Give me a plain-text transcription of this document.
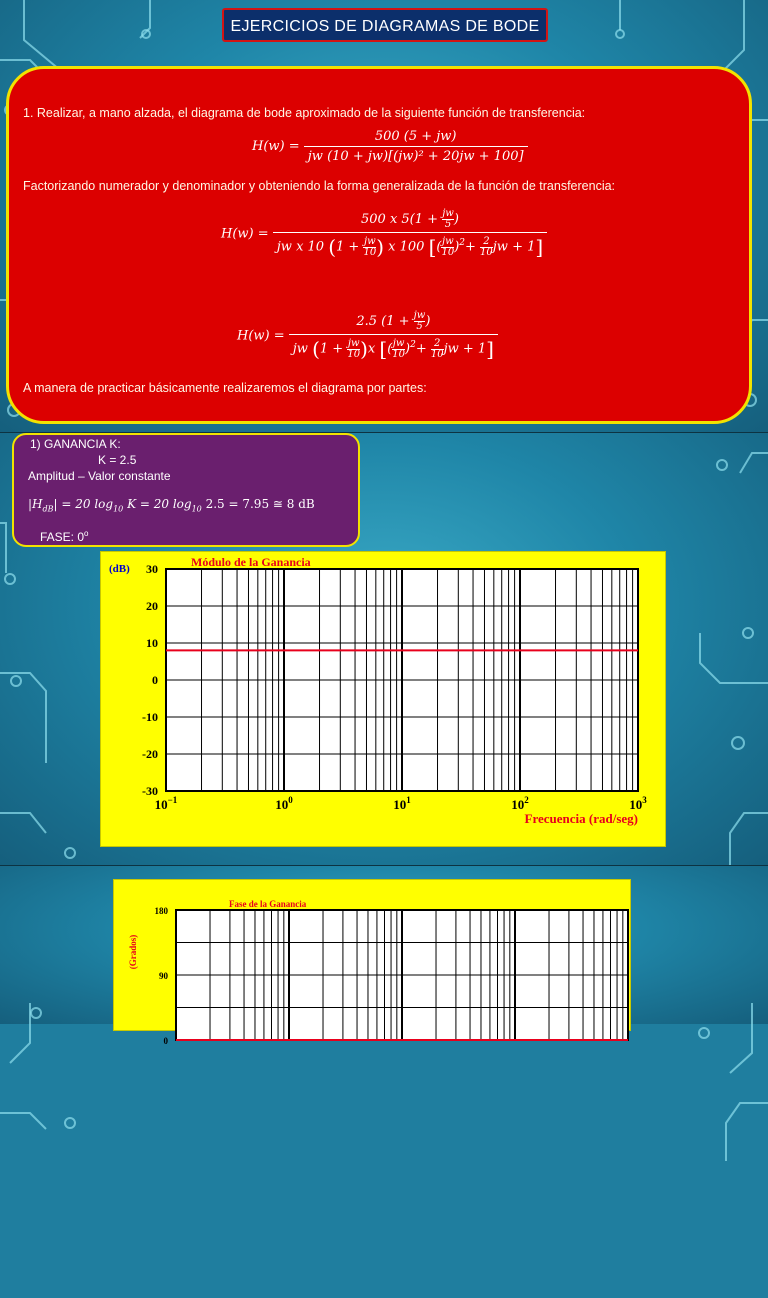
EJERCICIOS DE DIAGRAMAS DE BODE
1. Realizar, a mano alzada, el diagrama de bode aproximado de la siguiente función de transferencia:
$H(w) = \frac{500 (5 + jw)}{\text{jw (10 + jw)[(jw)² + 20jw + 100]}}$
Factorizando numerador y denominador y obteniendo la forma generalizada de la función de transferencia:
$H(w) = \frac{500 x 5(1 + \frac{jw}{5} )}{jw x 10 (1 + \frac{jw}{10} ) x 100 [( \frac{jw}{10} )^2+ \frac{2}{10} jw + 1]}$
$H(w) = \frac{2.5 (1 + \frac{jw}{5} )}{jw (1 + \frac{jw}{10} )x [( \frac{jw}{10} )^2+ \frac{2}{10} jw + 1]}$
A manera de practicar básicamente realizaremos el diagrama por partes:
1) GANANCIA K:
K = 2.5
Amplitud – Valor constante
$|H_{dB}| = 20$ $\log_{10} K = 20$ $\log_{10} 2.5 = 7.95$ ≅ 8 dB
FASE: 0$^o$
30
20
10
0
-10
-20
-30
Módulo de la Ganancia
(dB)
$10^{-1}$	$10^0$	$10^1$	$10^2$	$10^3$
Frecuencia (rad/seg)
180
90
0
Fase de la Ganancia
(Grados)
